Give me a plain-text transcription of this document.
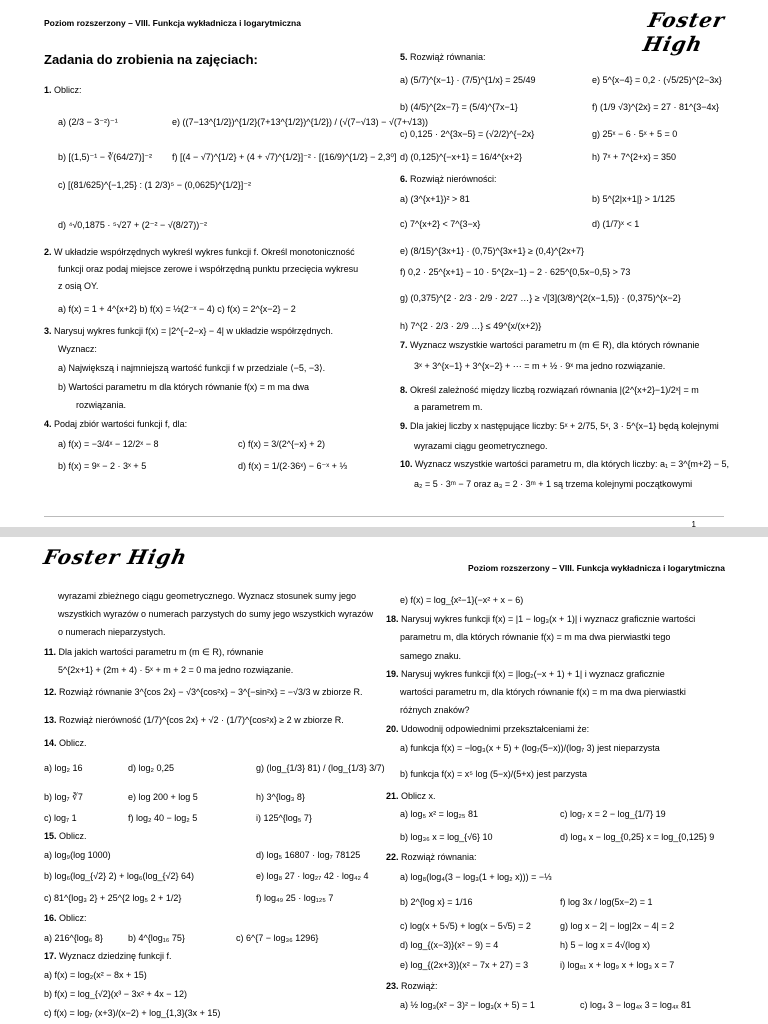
Poziom rozszerzony – VIII. Funkcja wykładnicza i logarytmiczna	Foster High
Zadania do zrobienia na zajęciach:
1. Oblicz:
a) (2/3 − 3⁻²)⁻¹	e) ((7−13^{1/2})^{1/2}(7+13^{1/2})^{1/2}) / (√(7−√13) − √(7+√13))
b) [(1,5)⁻¹ − ∛(64/27)]⁻² f) [(4 − √7)^{1/2} + (4 + √7)^{1/2}]⁻² · [(16/9)^{1/2} − 2,3⁰]
c) [(81/625)^{−1,25} : (1 2/3)⁵ − (0,0625)^{1/2}]⁻²
d) ⁴√0,1875 · ⁵√27 + (2⁻² − √(8/27))⁻²
2. W układzie współrzędnych wykreśl wykres funkcji f. Określ monotoniczność
funkcji oraz podaj miejsce zerowe i współrzędną punktu przecięcia wykresu
z osią OY.
a) f(x) = 1 + 4^{x+2} b) f(x) = ½(2⁻ˣ − 4) c) f(x) = 2^{x−2} − 2
3. Narysuj wykres funkcji f(x) = |2^{−2−x} − 4| w układzie współrzędnych.
Wyznacz:
a) Największą i najmniejszą wartość funkcji f w przedziale ⟨−5, −3⟩.
b) Wartości parametru m dla których równanie f(x) = m ma dwa
rozwiązania.
4. Podaj zbiór wartości funkcji f, dla:
a) f(x) = −3/4ˣ − 12/2ˣ − 8	c) f(x) = 3/(2^{−x} + 2)
b) f(x) = 9ˣ − 2 · 3ˣ + 5	d) f(x) = 1/(2·36ˣ) − 6⁻ˣ + ⅓
5. Rozwiąż równania:
a) (5/7)^{x−1} · (7/5)^{1/x} = 25/49	e) 5^{x−4} = 0,2 · (√5/25)^{2−3x}
b) (4/5)^{2x−7} = (5/4)^{7x−1}	f) (1/9 √3)^{2x} = 27 · 81^{3−4x}
c) 0,125 · 2^{3x−5} = (√2/2)^{−2x}	g) 25ˣ − 6 · 5ˣ + 5 = 0
d) (0,125)^{−x+1} = 16/4^{x+2}	h) 7ˣ + 7^{2+x} = 350
6. Rozwiąż nierówności:
a) (3^{x+1})² > 81	b) 5^{2|x+1|} > 1/125
c) 7^{x+2} < 7^{3−x}	d) (1/7)ˣ < 1
e) (8/15)^{3x+1} · (0,75)^{3x+1} ≥ (0,4)^{2x+7}
f) 0,2 · 25^{x+1} − 10 · 5^{2x−1} − 2 · 625^{0,5x−0,5} > 73
g) (0,375)^{2 · 2/3 · 2/9 · 2/27 …} ≥ √[3](3/8)^{2(x−1,5)} · (0,375)^{x−2}
h) 7^{2 · 2/3 · 2/9 …} ≤ 49^{x/(x+2)}
7. Wyznacz wszystkie wartości parametru m (m ∈ R), dla których równanie
3ˣ + 3^{x−1} + 3^{x−2} + ⋯ = m + ½ · 9ˣ ma jedno rozwiązanie.
8. Określ zależność między liczbą rozwiązań równania |(2^{x+2}−1)/2ˣ| = m
a parametrem m.
9. Dla jakiej liczby x następujące liczby: 5ˣ + 2/75, 5ˣ, 3 · 5^{x−1} będą kolejnymi
wyrazami ciągu geometrycznego.
10. Wyznacz wszystkie wartości parametru m, dla których liczby: a₁ = 3^{m+2} − 5,
a₂ = 5 · 3ᵐ − 7 oraz a₃ = 2 · 3ᵐ + 1 są trzema kolejnymi początkowymi
1
Foster High	Poziom rozszerzony – VIII. Funkcja wykładnicza i logarytmiczna
wyrazami zbieżnego ciągu geometrycznego. Wyznacz stosunek sumy jego
wszystkich wyrazów o numerach parzystych do sumy jego wszystkich wyrazów
o numerach nieparzystych.
11. Dla jakich wartości parametru m (m ∈ R), równanie
5^{2x+1} + (2m + 4) · 5ˣ + m + 2 = 0 ma jedno rozwiązanie.
12. Rozwiąż równanie 3^{cos 2x} − √3^{cos²x} − 3^{−sin²x} = −√3/3 w zbiorze R.
13. Rozwiąż nierówność (1/7)^{cos 2x} + √2 · (1/7)^{cos²x} ≥ 2 w zbiorze R.
14. Oblicz.
a) log₂ 16	d) log₂ 0,25	g) (log_{1/3} 81) / (log_{1/3} 3/7)
b) log₇ ∛7	e) log 200 + log 5	h) 3^{log₃ 8}
c) log₇ 1	f) log₂ 40 − log₂ 5	i) 125^{log₅ 7}
15. Oblicz.
a) log₉(log 1000)	d) log₅ 16807 · log₇ 78125
b) log₆(log_{√2} 2) + log₆(log_{√2} 64)	e) log₈ 27 · log₂₇ 42 · log₄₂ 4
c) 81^{log₃ 2} + 25^{2 log₅ 2 + 1/2}	f) log₄₉ 25 · log₁₂₅ 7
16. Oblicz:
a) 216^{log₆ 8}	b) 4^{log₁₆ 75}	c) 6^{7 − log₃₆ 1296}
17. Wyznacz dziedzinę funkcji f.
a) f(x) = log₂(x² − 8x + 15)
b) f(x) = log_{√2}(x³ − 3x² + 4x − 12)
c) f(x) = log₇ (x+3)/(x−2) + log_{1,3}(3x + 15)
e) f(x) = log_{x²−1}(−x² + x − 6)
18. Narysuj wykres funkcji f(x) = |1 − log₃(x + 1)| i wyznacz graficznie wartości
parametru m, dla których równanie f(x) = m ma dwa pierwiastki tego
samego znaku.
19. Narysuj wykres funkcji f(x) = |log₂(−x + 1) + 1| i wyznacz graficznie
wartości parametru m, dla których równanie f(x) = m ma dwa pierwiastki
różnych znaków?
20. Udowodnij odpowiednimi przekształceniami że:
a) funkcja f(x) = −log₃(x + 5) + (log₇(5−x))/(log₇ 3) jest nieparzysta
b) funkcja f(x) = x⁵ log (5−x)/(5+x) jest parzysta
21. Oblicz x.
a) log₅ x² = log₂₅ 81	c) log₇ x = 2 − log_{1/7} 19
b) log₃₆ x = log_{√6} 10	d) log₄ x − log_{0,25} x = log_{0,125} 9
22. Rozwiąż równania:
a) log₈(log₄(3 − log₃(1 + log₂ x))) = −⅓
b) 2^{log x} = 1/16	f) log 3x / log(5x−2) = 1
c) log(x + 5√5) + log(x − 5√5) = 2	g) log x − 2| − log|2x − 4| = 2
d) log_{(x−3)}(x² − 9) = 4	h) 5 − log x = 4√(log x)
e) log_{(2x+3)}(x² − 7x + 27) = 3	i) log₈₁ x + log₉ x + log₃ x = 7
23. Rozwiąż:
a) ½ log₃(x² − 3)² − log₃(x + 5) = 1	c) log₄ 3 − log₄ₓ 3 = log₄ₓ 81
